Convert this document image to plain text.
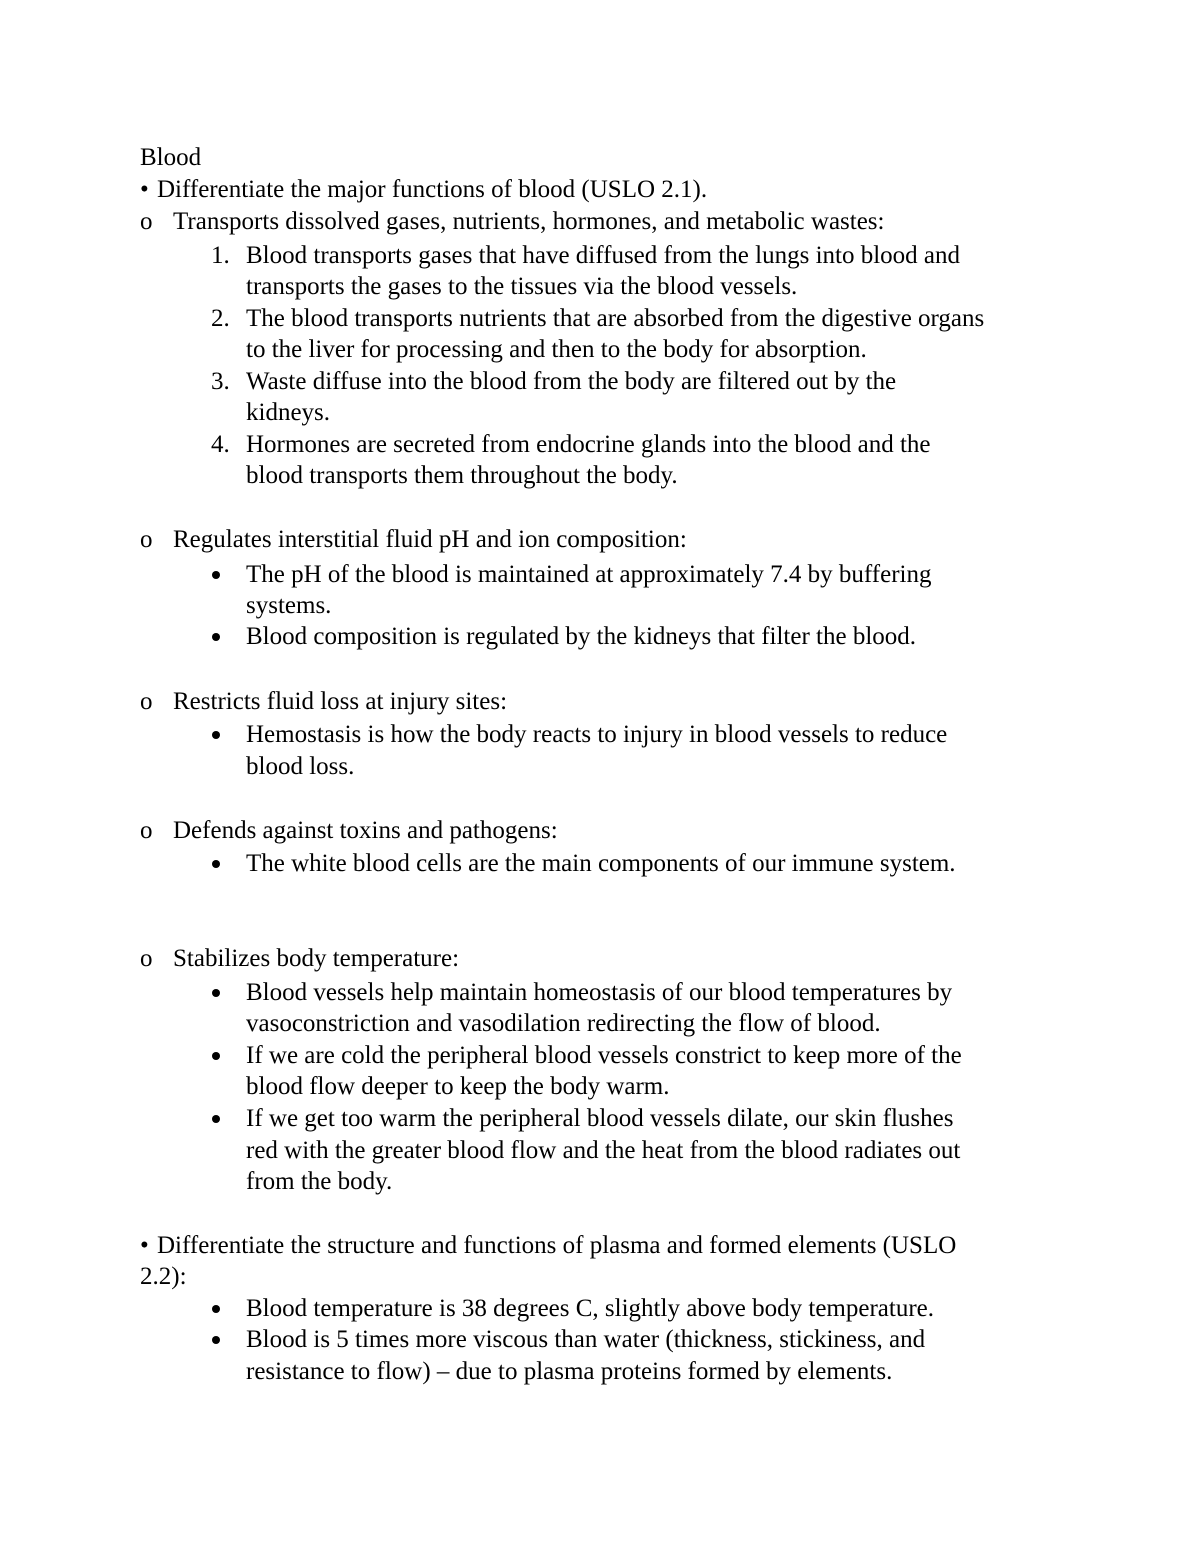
Blood
• Differentiate the major functions of blood (USLO 2.1).
o Transports dissolved gases, nutrients, hormones, and metabolic wastes:
1. Blood transports gases that have diffused from the lungs into blood and
transports the gases to the tissues via the blood vessels.
2. The blood transports nutrients that are absorbed from the digestive organs
to the liver for processing and then to the body for absorption.
3. Waste diffuse into the blood from the body are filtered out by the
kidneys.
4. Hormones are secreted from endocrine glands into the blood and the
blood transports them throughout the body.
o Regulates interstitial fluid pH and ion composition:
The pH of the blood is maintained at approximately 7.4 by buffering
systems.
Blood composition is regulated by the kidneys that filter the blood.
o Restricts fluid loss at injury sites:
Hemostasis is how the body reacts to injury in blood vessels to reduce
blood loss.
o Defends against toxins and pathogens:
The white blood cells are the main components of our immune system.
o Stabilizes body temperature:
Blood vessels help maintain homeostasis of our blood temperatures by
vasoconstriction and vasodilation redirecting the flow of blood.
If we are cold the peripheral blood vessels constrict to keep more of the
blood flow deeper to keep the body warm.
If we get too warm the peripheral blood vessels dilate, our skin flushes
red with the greater blood flow and the heat from the blood radiates out
from the body.
• Differentiate the structure and functions of plasma and formed elements (USLO
2.2):
Blood temperature is 38 degrees C, slightly above body temperature.
Blood is 5 times more viscous than water (thickness, stickiness, and
resistance to flow) – due to plasma proteins formed by elements.
